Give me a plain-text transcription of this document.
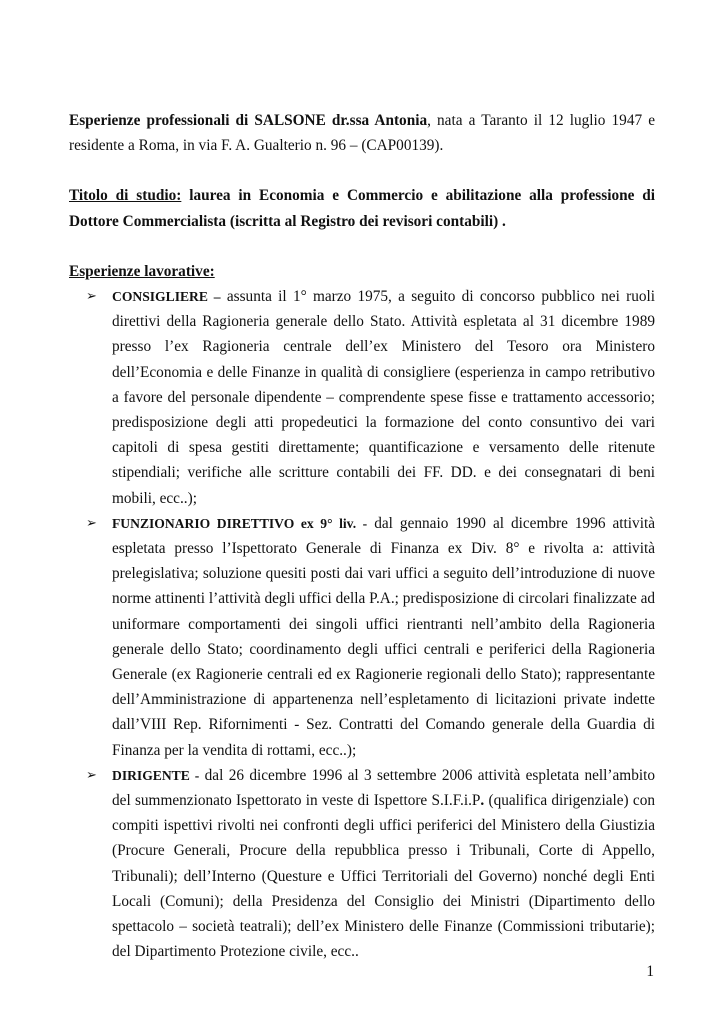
Esperienze professionali di SALSONE dr.ssa Antonia, nata a Taranto il 12 luglio 1947 e residente a Roma, in via F. A. Gualterio n. 96 – (CAP00139).

Titolo di studio: laurea in Economia e Commercio e abilitazione alla professione di Dottore Commercialista (iscritta al Registro dei revisori contabili) .

Esperienze lavorative:

➢ CONSIGLIERE – assunta il 1° marzo 1975, a seguito di concorso pubblico nei ruoli direttivi della Ragioneria generale dello Stato. Attività espletata al 31 dicembre 1989 presso l’ex Ragioneria centrale dell’ex Ministero del Tesoro ora Ministero dell’Economia e delle Finanze in qualità di consigliere (esperienza in campo retributivo a favore del personale dipendente – comprendente spese fisse e trattamento accessorio; predisposizione degli atti propedeutici la formazione del conto consuntivo dei vari capitoli di spesa gestiti direttamente; quantificazione e versamento delle ritenute stipendiali; verifiche alle scritture contabili dei FF. DD. e dei consegnatari di beni mobili, ecc..);
➢ FUNZIONARIO DIRETTIVO ex 9° liv. - dal gennaio 1990 al dicembre 1996 attività espletata presso l’Ispettorato Generale di Finanza ex Div. 8° e rivolta a: attività prelegislativa; soluzione quesiti posti dai vari uffici a seguito dell’introduzione di nuove norme attinenti l’attività degli uffici della P.A.; predisposizione di circolari finalizzate ad uniformare comportamenti dei singoli uffici rientranti nell’ambito della Ragioneria generale dello Stato; coordinamento degli uffici centrali e periferici della Ragioneria Generale (ex Ragionerie centrali ed ex Ragionerie regionali dello Stato); rappresentante dell’Amministrazione di appartenenza nell’espletamento di licitazioni private indette dall’VIII Rep. Rifornimenti - Sez. Contratti del Comando generale della Guardia di Finanza per la vendita di rottami, ecc..);
➢ DIRIGENTE - dal 26 dicembre 1996 al 3 settembre 2006 attività espletata nell’ambito del summenzionato Ispettorato in veste di Ispettore S.I.F.i.P. (qualifica dirigenziale) con compiti ispettivi rivolti nei confronti degli uffici periferici del Ministero della Giustizia (Procure Generali, Procure della repubblica presso i Tribunali, Corte di Appello, Tribunali); dell’Interno (Questure e Uffici Territoriali del Governo) nonché degli Enti Locali (Comuni); della Presidenza del Consiglio dei Ministri (Dipartimento dello spettacolo – società teatrali); dell’ex Ministero delle Finanze (Commissioni tributarie); del Dipartimento Protezione civile, ecc..
1
